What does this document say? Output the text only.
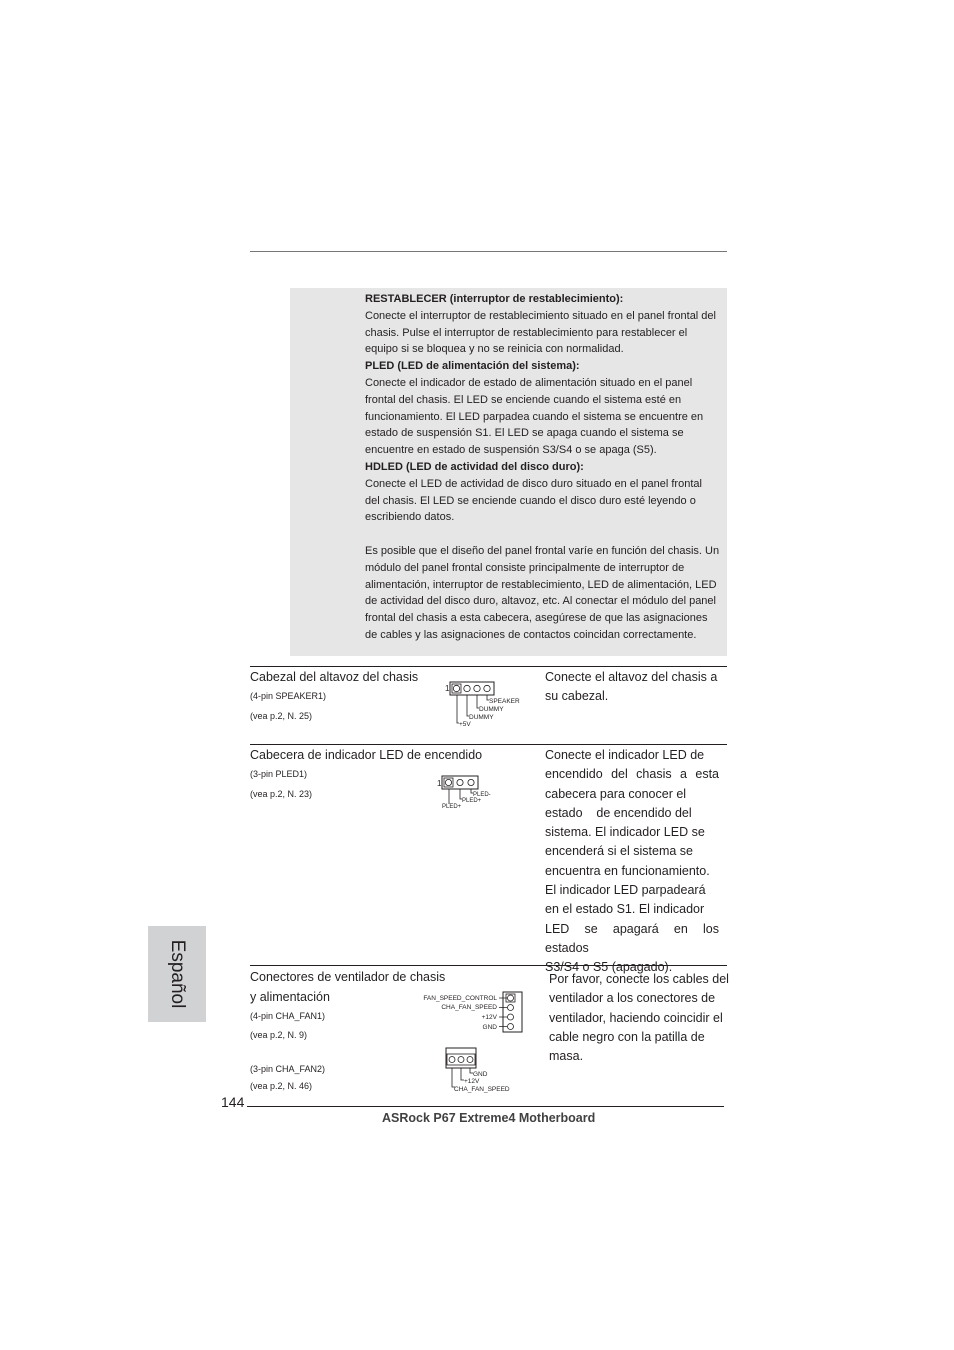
RESTABLECER (interruptor de restablecimiento):

Conecte el interruptor de restablecimiento situado en el panel frontal del

chasis. Pulse el interruptor de restablecimiento para restablecer el

equipo si se bloquea y no se reinicia con normalidad.

PLED (LED de alimentación del sistema):

Conecte el indicador de estado de alimentación situado en el panel

frontal del chasis. El LED se enciende cuando el sistema esté en

funcionamiento. El LED parpadea cuando el sistema se encuentre en

estado de suspensión S1. El LED se apaga cuando el sistema se

encuentre en estado de suspensión S3/S4 o se apaga (S5).

HDLED (LED de actividad del disco duro):

Conecte el LED de actividad de disco duro situado en el panel frontal

del chasis. El LED se enciende cuando el disco duro esté leyendo o

escribiendo datos.

Es posible que el diseño del panel frontal varíe en función del chasis. Un

módulo del panel frontal consiste principalmente de interruptor de

alimentación, interruptor de restablecimiento, LED de alimentación, LED

de actividad del disco duro, altavoz, etc. Al conectar el módulo del panel

frontal del chasis a esta cabecera, asegúrese de que las asignaciones

de cables y las asignaciones de contactos coincidan correctamente.

Cabezal del altavoz del chasis
(4-pin SPEAKER1)
(vea p.2, N. 25)
Conecte el altavoz del chasis a
su cabezal.
1
SPEAKER
DUMMY
DUMMY
+5V
Cabecera de indicador LED de encendido
(3-pin PLED1)
(vea p.2, N. 23)
Conecte el indicador LED de
encendido del chasis a esta
cabecera para conocer el
estado    de encendido del
sistema. El indicador LED se
encenderá si el sistema se
encuentra en funcionamiento.
El indicador LED parpadeará
en el estado S1. El indicador
LED se apagará en los estados
S3/S4 o S5 (apagado).
1
PLED-
PLED+
PLED+
Conectores de ventilador de chasis
y alimentación
(4-pin CHA_FAN1)
(vea p.2, N. 9)
(3-pin CHA_FAN2)
(vea p.2, N. 46)
Por favor, conecte los cables del
ventilador a los conectores de
ventilador, haciendo coincidir el
cable negro con la patilla de
masa.
FAN_SPEED_CONTROL
CHA_FAN_SPEED
+12V
GND
GND
+12V
CHA_FAN_SPEED
Español
144
ASRock P67 Extreme4 Motherboard
